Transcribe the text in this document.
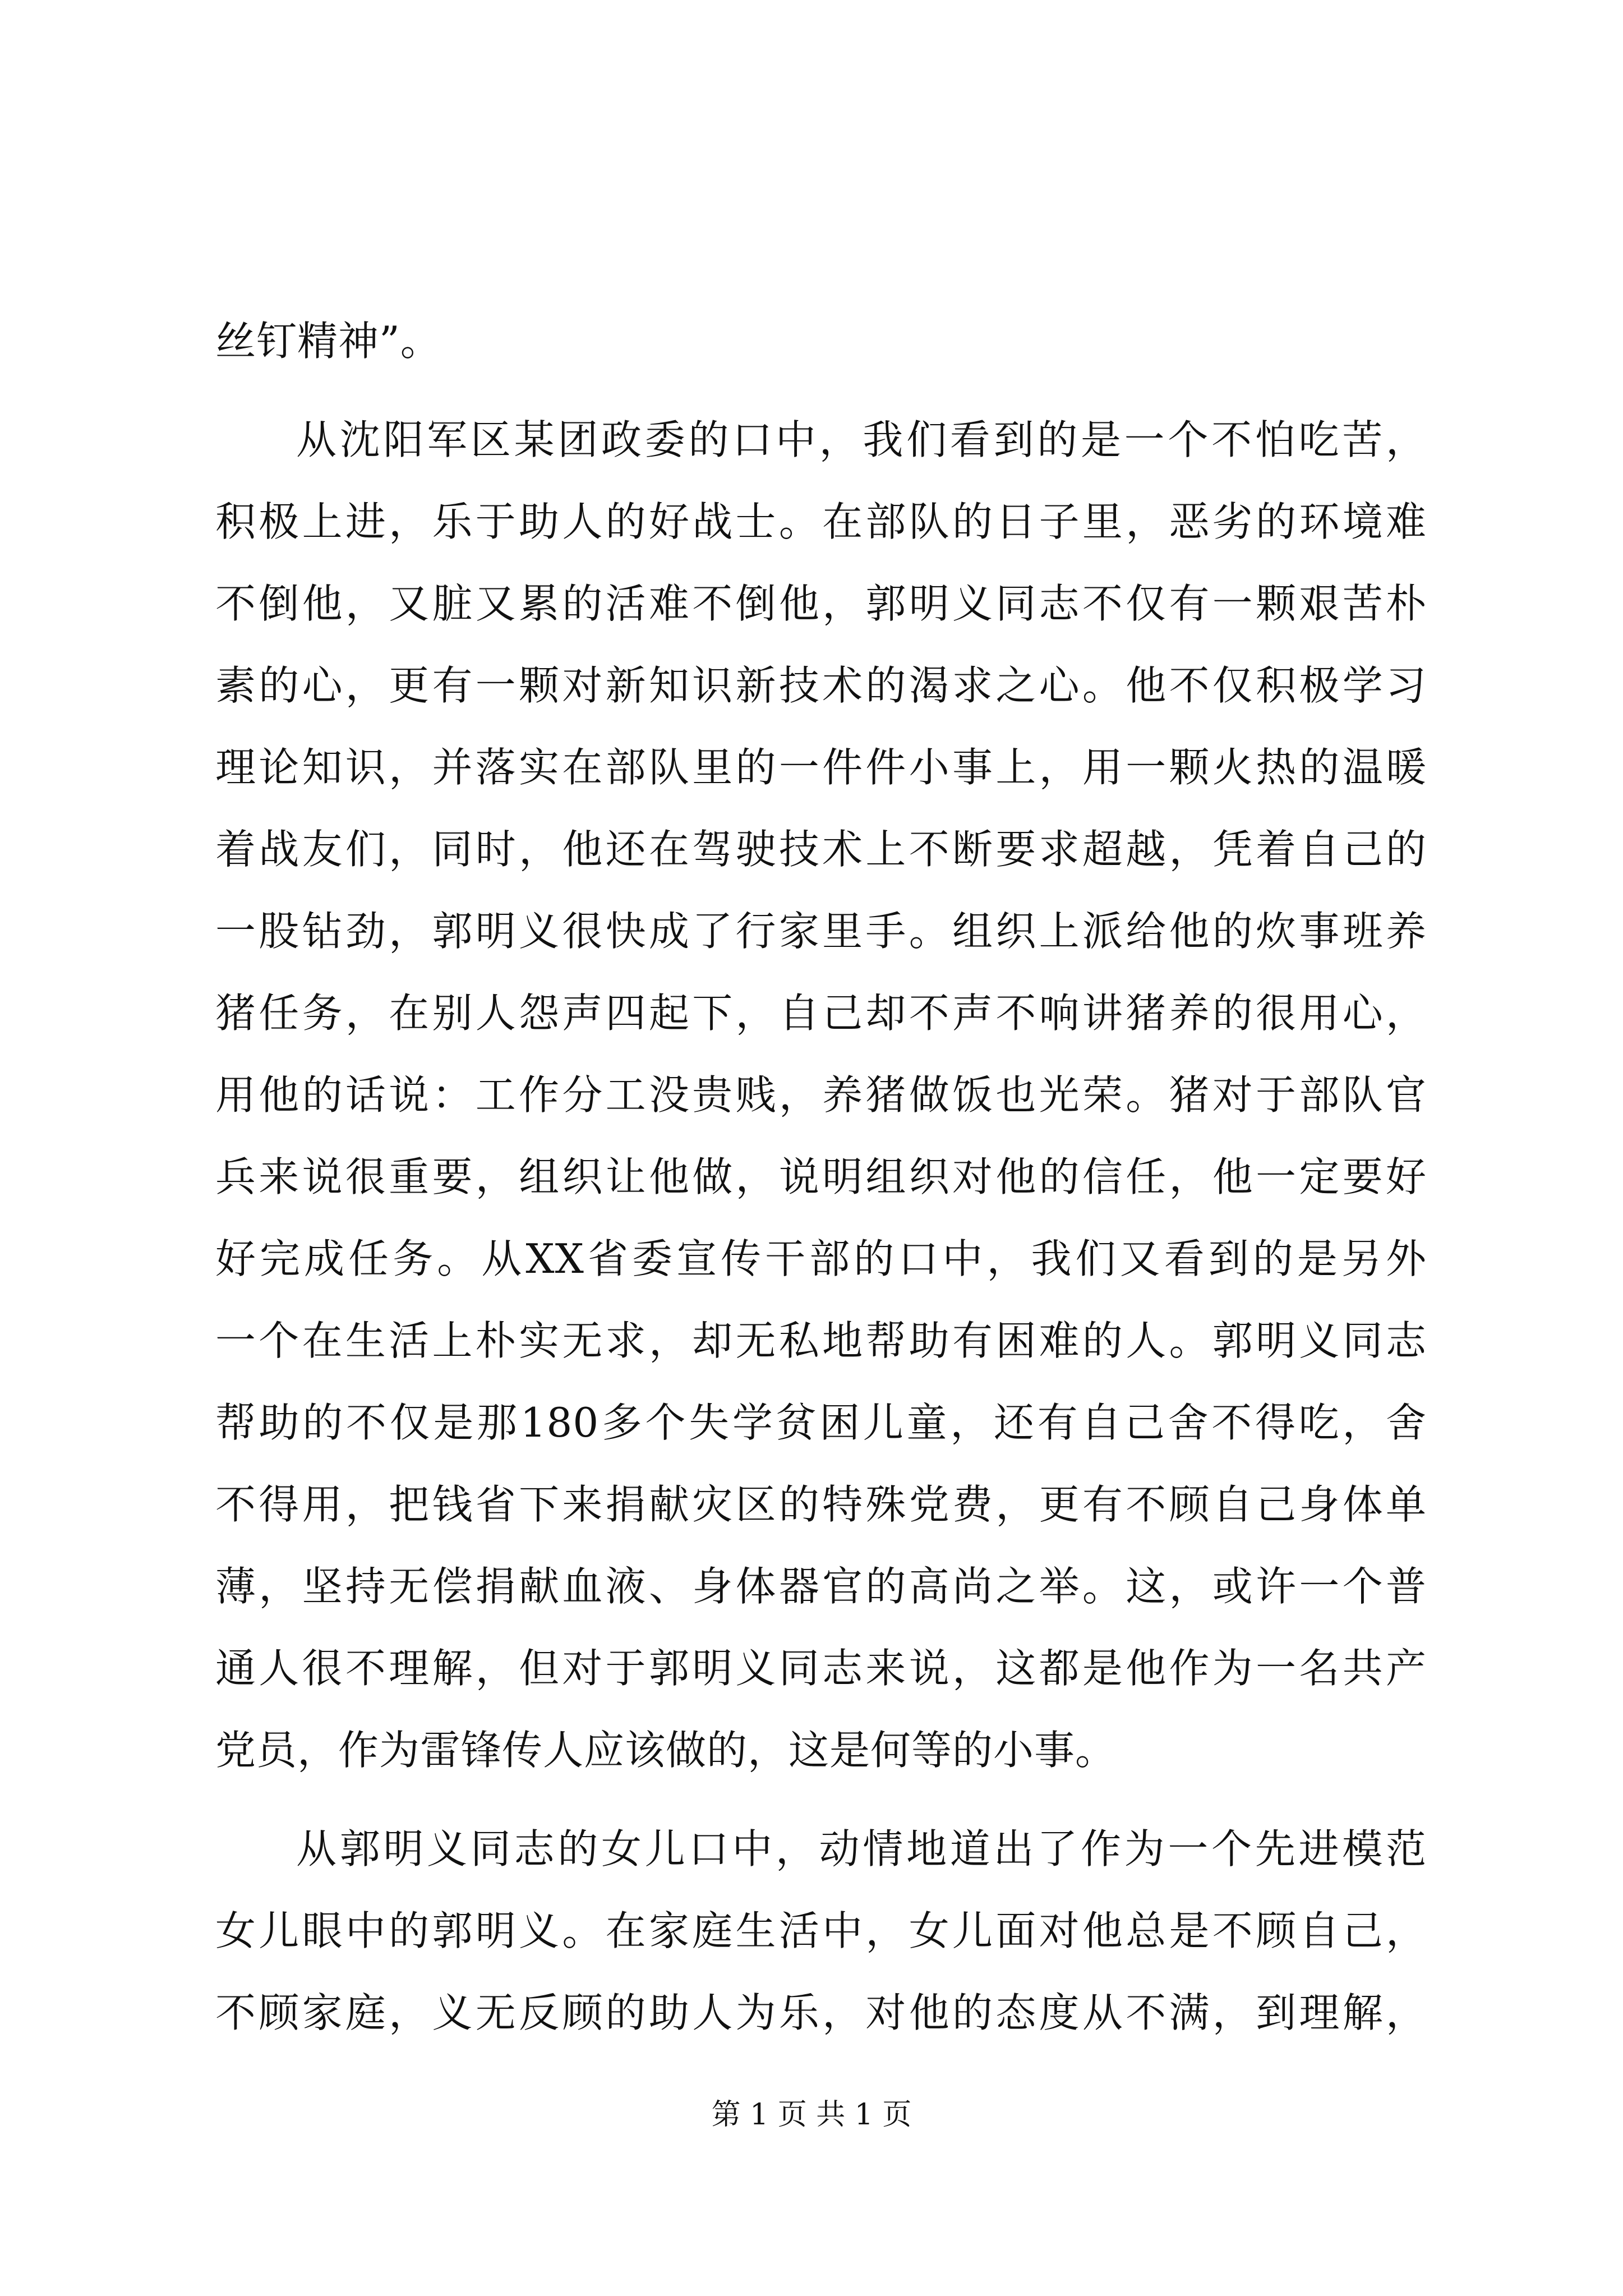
丝钉精神”。
从沈阳军区某团政委的口中，我们看到的是一个不怕吃苦，
积极上进，乐于助人的好战士。在部队的日子里，恶劣的环境难
不倒他，又脏又累的活难不倒他，郭明义同志不仅有一颗艰苦朴
素的心，更有一颗对新知识新技术的渴求之心。他不仅积极学习
理论知识，并落实在部队里的一件件小事上，用一颗火热的温暖
着战友们，同时，他还在驾驶技术上不断要求超越，凭着自己的
一股钻劲，郭明义很快成了行家里手。组织上派给他的炊事班养
猪任务，在别人怨声四起下，自己却不声不响讲猪养的很用心，
用他的话说：工作分工没贵贱，养猪做饭也光荣。猪对于部队官
兵来说很重要，组织让他做，说明组织对他的信任，他一定要好
好完成任务。从XX省委宣传干部的口中，我们又看到的是另外
一个在生活上朴实无求，却无私地帮助有困难的人。郭明义同志
帮助的不仅是那180多个失学贫困儿童，还有自己舍不得吃，舍
不得用，把钱省下来捐献灾区的特殊党费，更有不顾自己身体单
薄，坚持无偿捐献血液、身体器官的高尚之举。这，或许一个普
通人很不理解，但对于郭明义同志来说，这都是他作为一名共产
党员，作为雷锋传人应该做的，这是何等的小事。
从郭明义同志的女儿口中，动情地道出了作为一个先进模范
女儿眼中的郭明义。在家庭生活中，女儿面对他总是不顾自己，
不顾家庭，义无反顾的助人为乐，对他的态度从不满，到理解，
第 1 页 共 1 页
